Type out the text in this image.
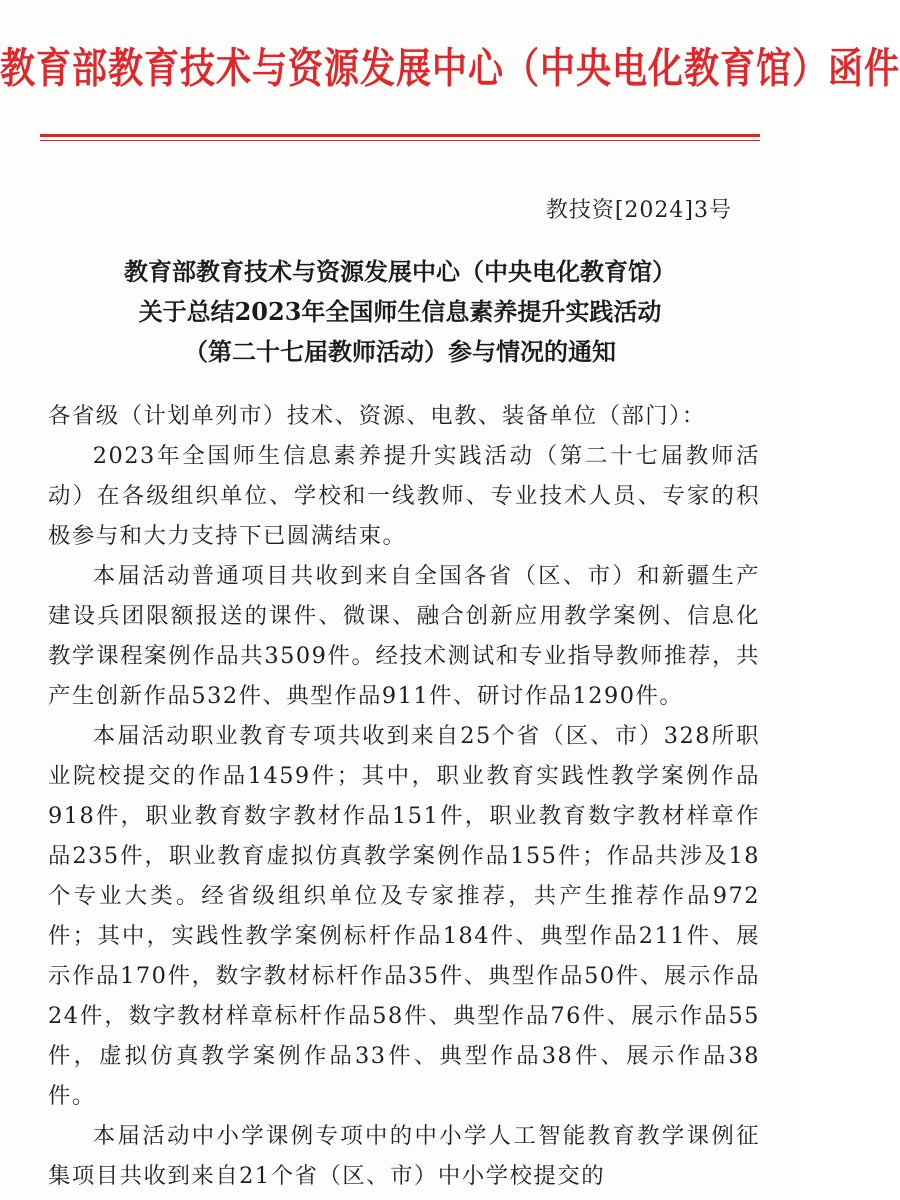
教育部教育技术与资源发展中心（中央电化教育馆）函件
教技资[2024]3号
教育部教育技术与资源发展中心（中央电化教育馆）
关于总结2023年全国师生信息素养提升实践活动
（第二十七届教师活动）参与情况的通知
各省级（计划单列市）技术、资源、电教、装备单位（部门）：

2023年全国师生信息素养提升实践活动（第二十七届教师活动）在各级组织单位、学校和一线教师、专业技术人员、专家的积极参与和大力支持下已圆满结束。

本届活动普通项目共收到来自全国各省（区、市）和新疆生产建设兵团限额报送的课件、微课、融合创新应用教学案例、信息化教学课程案例作品共3509件。经技术测试和专业指导教师推荐，共产生创新作品532件、典型作品911件、研讨作品1290件。

本届活动职业教育专项共收到来自25个省（区、市）328所职业院校提交的作品1459件；其中，职业教育实践性教学案例作品918件，职业教育数字教材作品151件，职业教育数字教材样章作品235件，职业教育虚拟仿真教学案例作品155件；作品共涉及18个专业大类。经省级组织单位及专家推荐，共产生推荐作品972件；其中，实践性教学案例标杆作品184件、典型作品211件、展示作品170件，数字教材标杆作品35件、典型作品50件、展示作品24件，数字教材样章标杆作品58件、典型作品76件、展示作品55件，虚拟仿真教学案例作品33件、典型作品38件、展示作品38件。

本届活动中小学课例专项中的中小学人工智能教育教学课例征集项目共收到来自21个省（区、市）中小学校提交的
